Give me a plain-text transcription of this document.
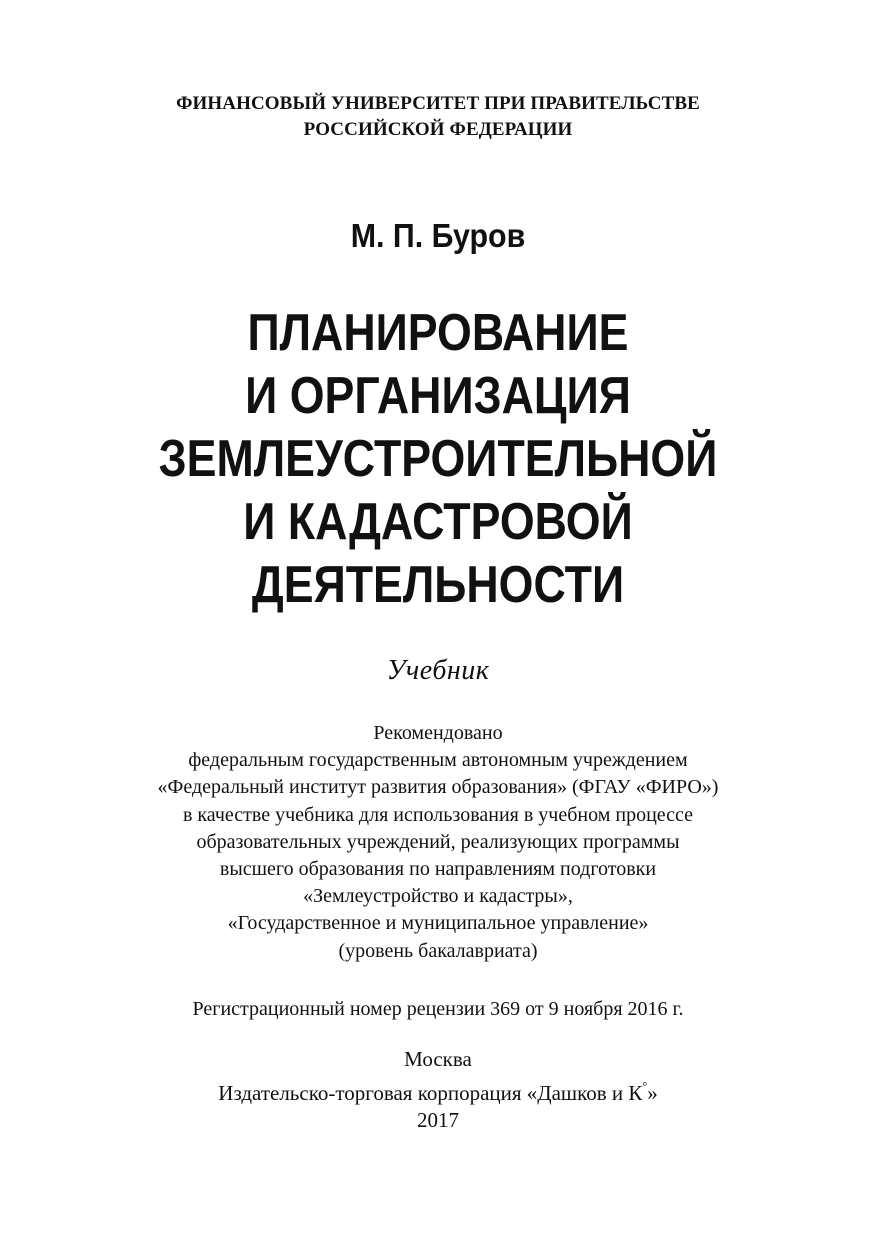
ФИНАНСОВЫЙ УНИВЕРСИТЕТ ПРИ ПРАВИТЕЛЬСТВЕ
РОССИЙСКОЙ ФЕДЕРАЦИИ
М. П. Буров
ПЛАНИРОВАНИЕ
И ОРГАНИЗАЦИЯ
ЗЕМЛЕУСТРОИТЕЛЬНОЙ
И КАДАСТРОВОЙ
ДЕЯТЕЛЬНОСТИ
Учебник
Рекомендовано
федеральным государственным автономным учреждением
«Федеральный институт развития образования» (ФГАУ «ФИРО»)
в качестве учебника для использования в учебном процессе
образовательных учреждений, реализующих программы
высшего образования по направлениям подготовки
«Землеустройство и кадастры»,
«Государственное и муниципальное управление»
(уровень бакалавриата)
Регистрационный номер рецензии 369 от 9 ноября 2016 г.
Москва
Издательско-торговая корпорация «Дашков и К°»
2017
